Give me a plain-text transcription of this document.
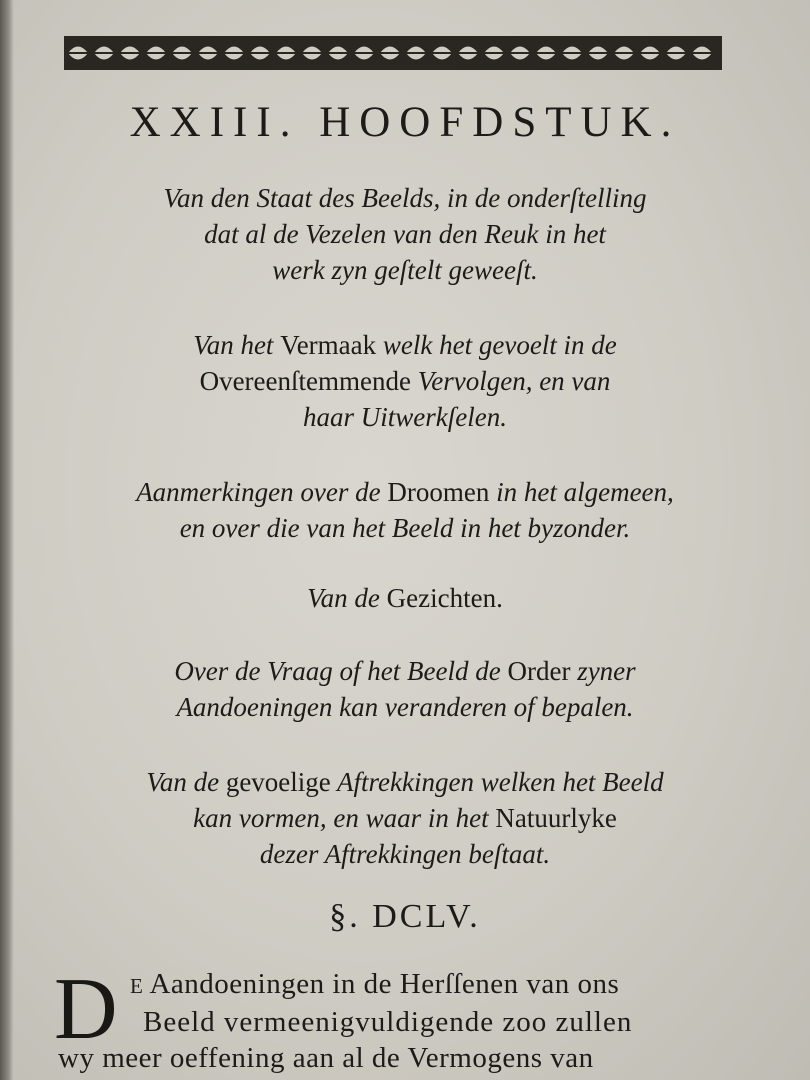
XXIII. HOOFDSTUK.
Van den Staat des Beelds, in de onderſtelling
dat al de Vezelen van den Reuk in het
werk zyn geſtelt geweeſt.
Van het Vermaak welk het gevoelt in de
Overeenſtemmende Vervolgen, en van
haar Uitwerkſelen.
Aanmerkingen over de Droomen in het algemeen,
en over die van het Beeld in het byzonder.
Van de Gezichten.
Over de Vraag of het Beeld de Order zyner
Aandoeningen kan veranderen of bepalen.
Van de gevoelige Aftrekkingen welken het Beeld
kan vormen, en waar in het Natuurlyke
dezer Aftrekkingen beſtaat.
§. DCLV.
D E Aandoeningen in de Herſſenen van ons
Beeld vermeenigvuldigende zoo zullen
wy meer oeffening aan al de Vermogens van
